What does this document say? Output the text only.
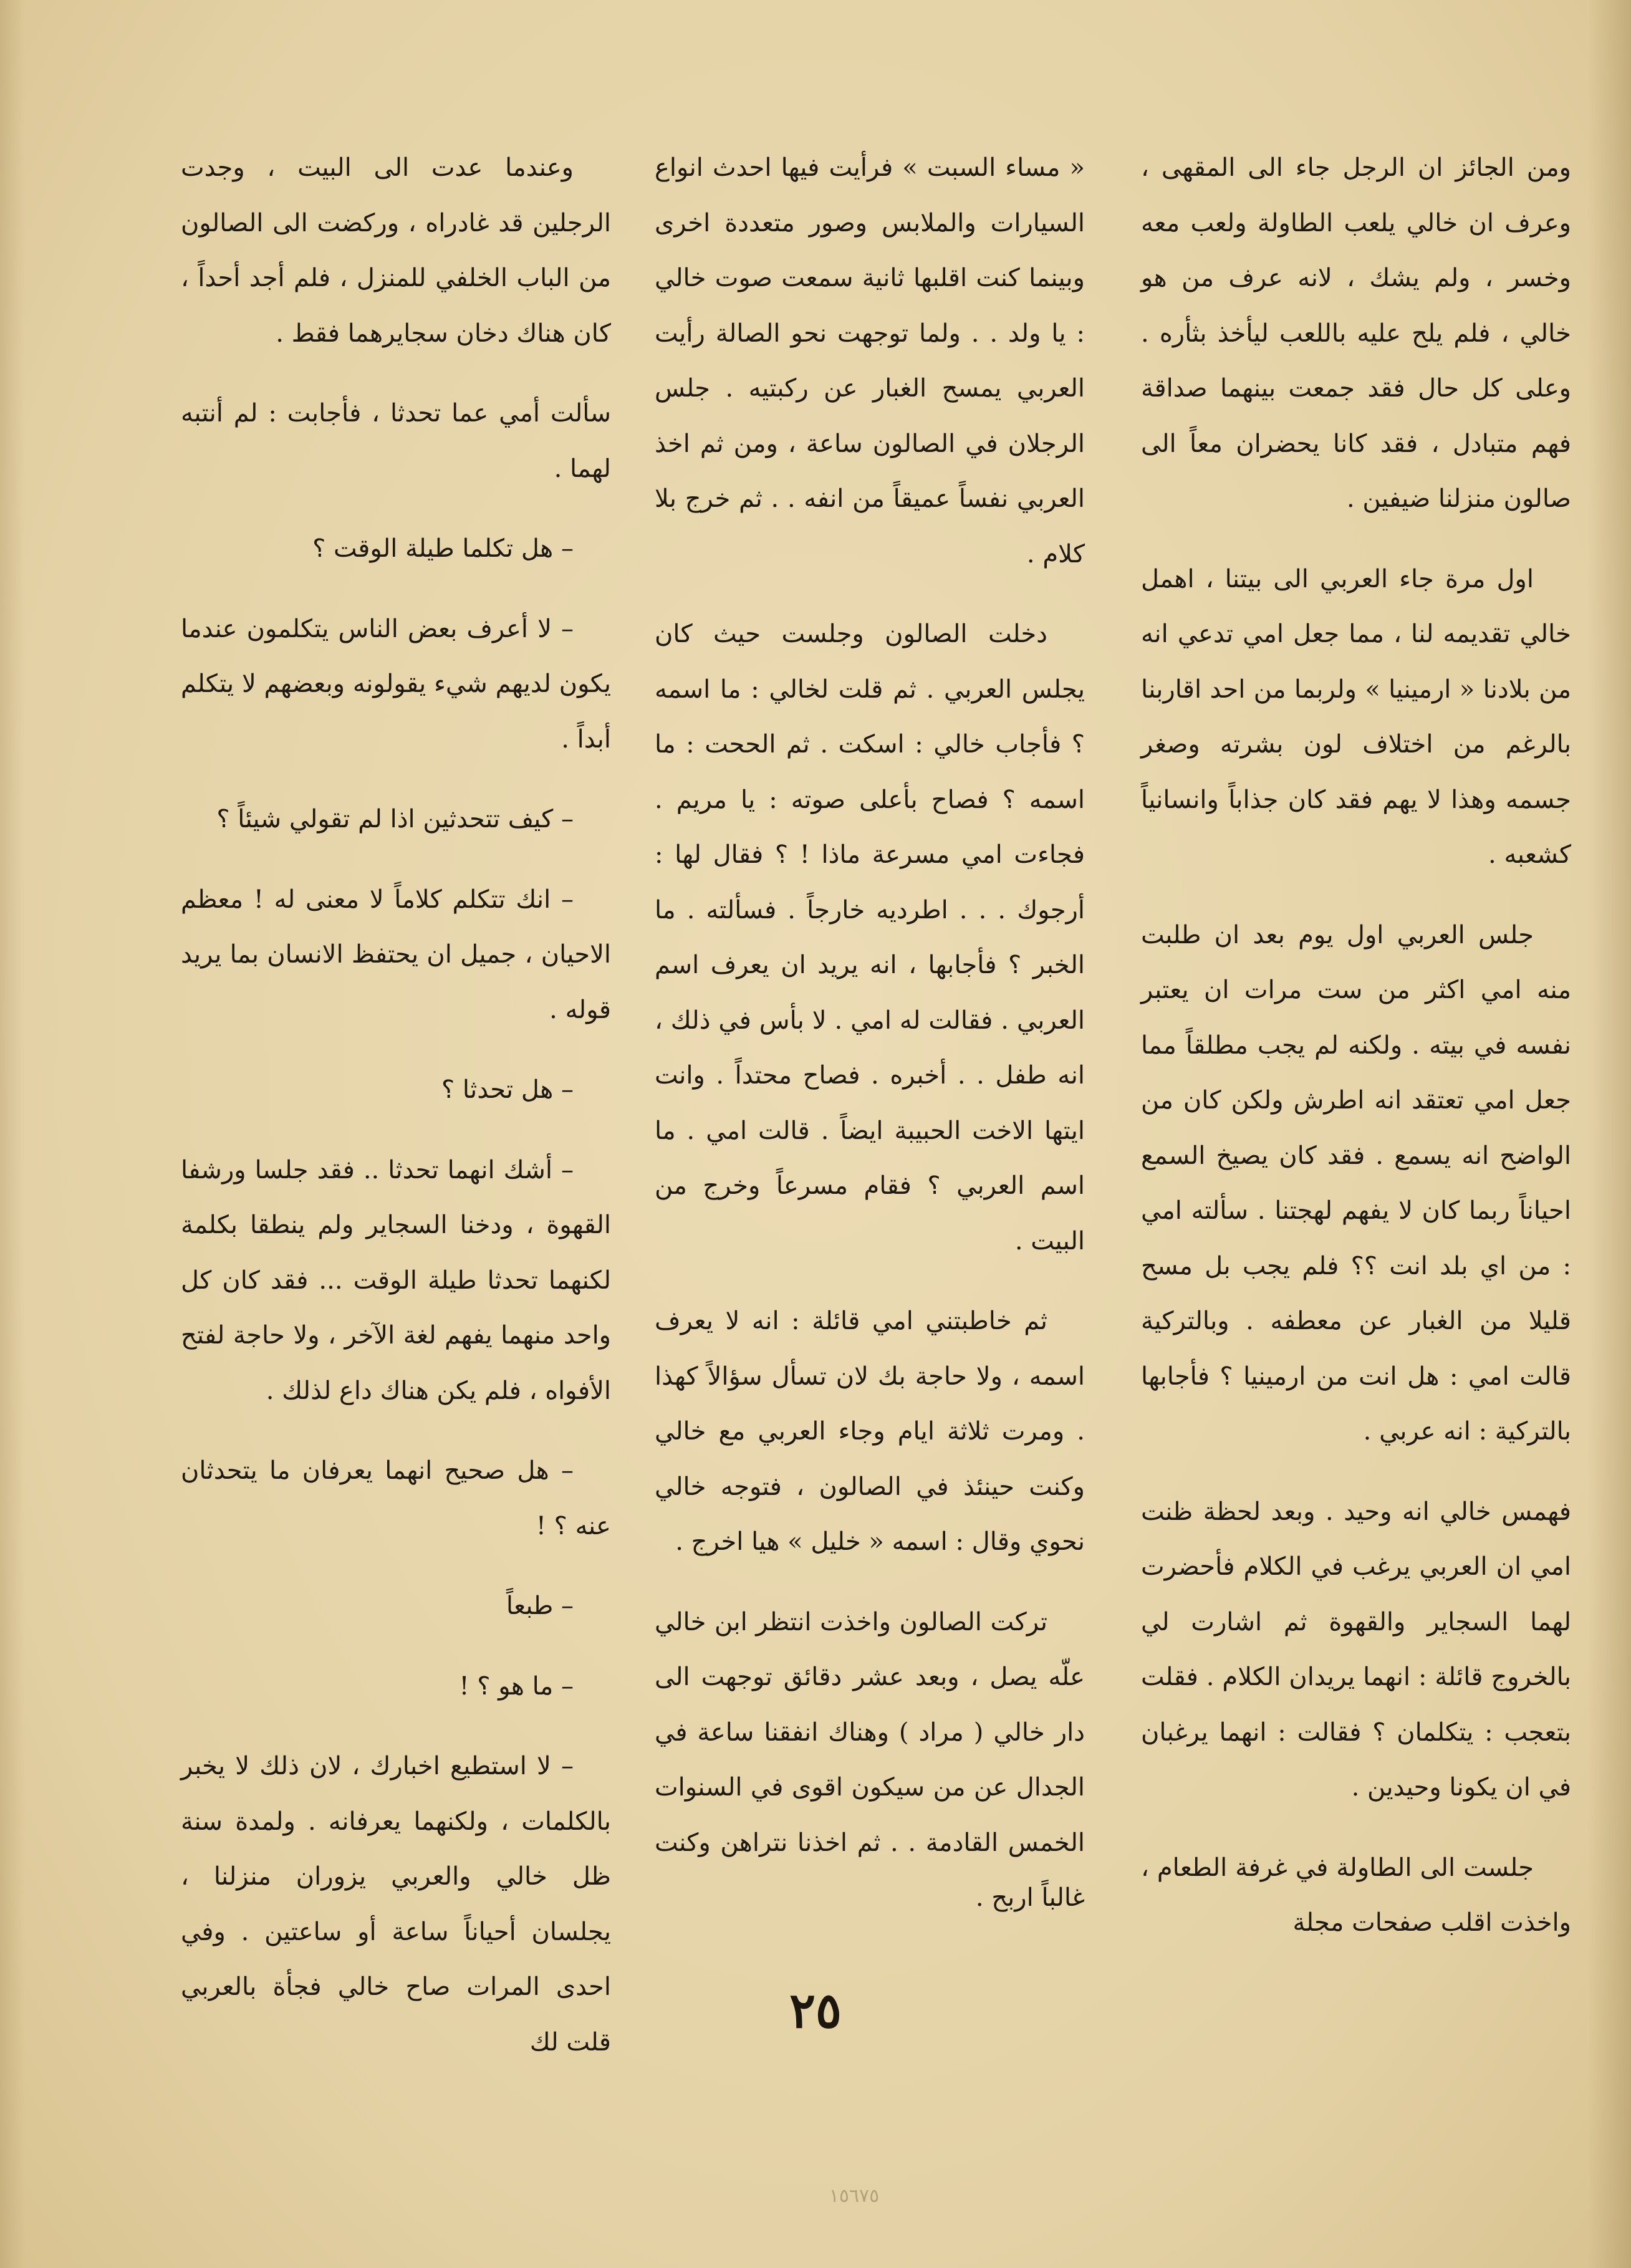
ومن الجائز ان الرجل جاء الى المقهى ، وعرف ان خالي يلعب الطاولة ولعب معه وخسر ، ولم يشك ، لانه عرف من هو خالي ، فلم يلح عليه باللعب ليأخذ بثأره . وعلى كل حال فقد جمعت بينهما صداقة فهم متبادل ، فقد كانا يحضران معاً الى صالون منزلنا ضيفين .

اول مرة جاء العربي الى بيتنا ، اهمل خالي تقديمه لنا ، مما جعل امي تدعي انه من بلادنا « ارمينيا » ولربما من احد اقاربنا بالرغم من اختلاف لون بشرته وصغر جسمه وهذا لا يهم فقد كان جذاباً وانسانياً كشعبه .

جلس العربي اول يوم بعد ان طلبت منه امي اكثر من ست مرات ان يعتبر نفسه في بيته . ولكنه لم يجب مطلقاً مما جعل امي تعتقد انه اطرش ولكن كان من الواضح انه يسمع . فقد كان يصيخ السمع احياناً ربما كان لا يفهم لهجتنا . سألته امي : من اي بلد انت ؟؟ فلم يجب بل مسح قليلا من الغبار عن معطفه . وبالتركية قالت امي : هل انت من ارمينيا ؟ فأجابها بالتركية : انه عربي .

فهمس خالي انه وحيد . وبعد لحظة ظنت امي ان العربي يرغب في الكلام فأحضرت لهما السجاير والقهوة ثم اشارت لي بالخروج قائلة : انهما يريدان الكلام . فقلت بتعجب : يتكلمان ؟ فقالت : انهما يرغبان في ان يكونا وحيدين .

جلست الى الطاولة في غرفة الطعام ، واخذت اقلب صفحات مجلة

« مساء السبت » فرأيت فيها احدث انواع السيارات والملابس وصور متعددة اخرى وبينما كنت اقلبها ثانية سمعت صوت خالي : يا ولد . . ولما توجهت نحو الصالة رأيت العربي يمسح الغبار عن ركبتيه . جلس الرجلان في الصالون ساعة ، ومن ثم اخذ العربي نفساً عميقاً من انفه . . ثم خرج بلا كلام .

دخلت الصالون وجلست حيث كان يجلس العربي . ثم قلت لخالي : ما اسمه ؟ فأجاب خالي : اسكت . ثم الححت : ما اسمه ؟ فصاح بأعلى صوته : يا مريم . فجاءت امي مسرعة ماذا ! ؟ فقال لها : أرجوك . . . اطرديه خارجاً . فسألته . ما الخبر ؟ فأجابها ، انه يريد ان يعرف اسم العربي . فقالت له امي . لا بأس في ذلك ، انه طفل . . أخبره . فصاح محتداً . وانت ايتها الاخت الحبيبة ايضاً . قالت امي . ما اسم العربي ؟ فقام مسرعاً وخرج من البيت .

ثم خاطبتني امي قائلة : انه لا يعرف اسمه ، ولا حاجة بك لان تسأل سؤالاً كهذا . ومرت ثلاثة ايام وجاء العربي مع خالي وكنت حينئذ في الصالون ، فتوجه خالي نحوي وقال : اسمه « خليل » هيا اخرج .

تركت الصالون واخذت انتظر ابن خالي علّه يصل ، وبعد عشر دقائق توجهت الى دار خالي ( مراد ) وهناك انفقنا ساعة في الجدال عن من سيكون اقوى في السنوات الخمس القادمة . . ثم اخذنا نتراهن وكنت غالباً اربح .

وعندما عدت الى البيت ، وجدت الرجلين قد غادراه ، وركضت الى الصالون من الباب الخلفي للمنزل ، فلم أجد أحداً ، كان هناك دخان سجايرهما فقط .

سألت أمي عما تحدثا ، فأجابت : لم أنتبه لهما .

– هل تكلما طيلة الوقت ؟

– لا أعرف بعض الناس يتكلمون عندما يكون لديهم شيء يقولونه وبعضهم لا يتكلم أبداً .

– كيف تتحدثين اذا لم تقولي شيئاً ؟

– انك تتكلم كلاماً لا معنى له ! معظم الاحيان ، جميل ان يحتفظ الانسان بما يريد قوله .

– هل تحدثا ؟

– أشك انهما تحدثا .. فقد جلسا ورشفا القهوة ، ودخنا السجاير ولم ينطقا بكلمة لكنهما تحدثا طيلة الوقت ... فقد كان كل واحد منهما يفهم لغة الآخر ، ولا حاجة لفتح الأفواه ، فلم يكن هناك داع لذلك .

– هل صحيح انهما يعرفان ما يتحدثان عنه ؟ !

– طبعاً

– ما هو ؟ !

– لا استطيع اخبارك ، لان ذلك لا يخبر بالكلمات ، ولكنهما يعرفانه . ولمدة سنة ظل خالي والعربي يزوران منزلنا ، يجلسان أحياناً ساعة أو ساعتين . وفي احدى المرات صاح خالي فجأة بالعربي قلت لك

٢٥
١٥٦٧٥
